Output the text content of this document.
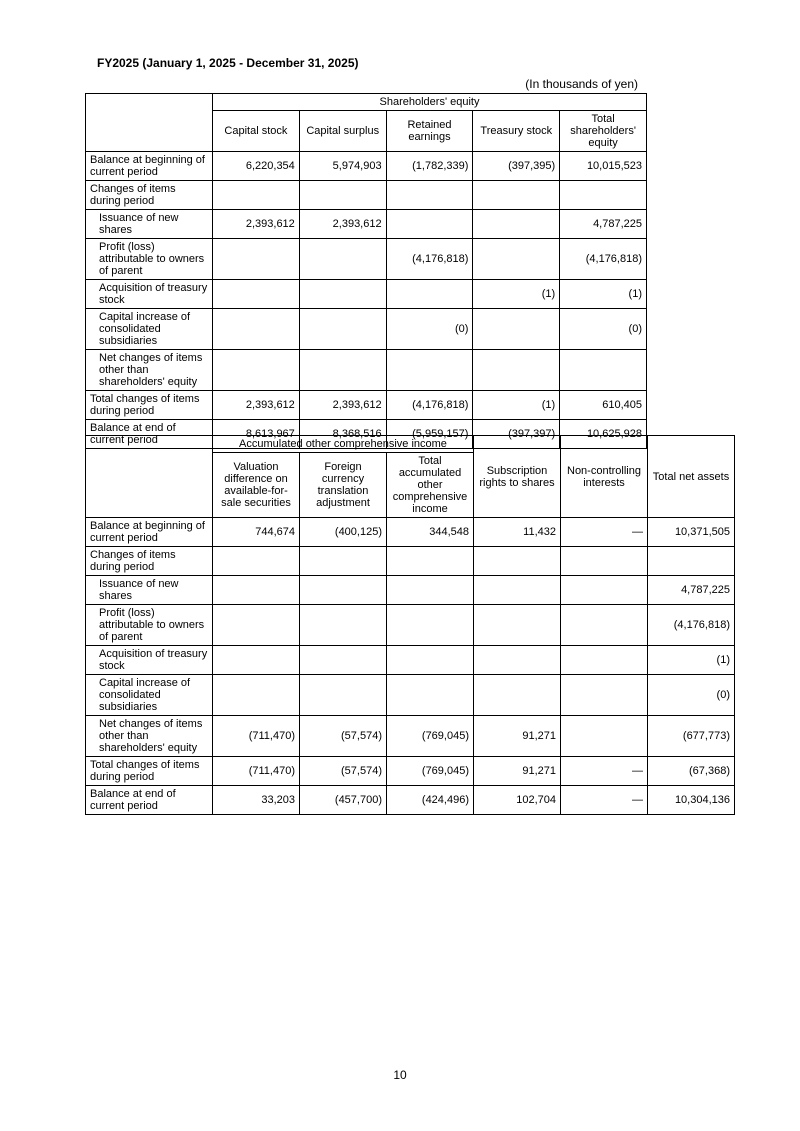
FY2025 (January 1, 2025 - December 31, 2025)
(In thousands of yen)
	Shareholders' equity				
	Capital stock	Capital surplus	Retained earnings	Treasury stock	Total shareholders' equity
Balance at beginning of current period	6,220,354	5,974,903	(1,782,339)	(397,395)	10,015,523
Changes of items during period					
Issuance of new shares	2,393,612	2,393,612			4,787,225
Profit (loss) attributable to owners of parent			(4,176,818)		(4,176,818)
Acquisition of treasury stock				(1)	(1)
Capital increase of consolidated subsidiaries			(0)		(0)
Net changes of items other than shareholders' equity					
Total changes of items during period	2,393,612	2,393,612	(4,176,818)	(1)	610,405
Balance at end of current period	8,613,967	8,368,516	(5,959,157)	(397,397)	10,625,928
	Accumulated other comprehensive income			Subscription rights to shares	Non-controlling interests	Total net assets
	Valuation difference on available-for-sale securities	Foreign currency translation adjustment	Total accumulated other comprehensive income			
Balance at beginning of current period	744,674	(400,125)	344,548	11,432	—	10,371,505
Changes of items during period						
Issuance of new shares						4,787,225
Profit (loss) attributable to owners of parent						(4,176,818)
Acquisition of treasury stock						(1)
Capital increase of consolidated subsidiaries						(0)
Net changes of items other than shareholders' equity	(711,470)	(57,574)	(769,045)	91,271		(677,773)
Total changes of items during period	(711,470)	(57,574)	(769,045)	91,271	—	(67,368)
Balance at end of current period	33,203	(457,700)	(424,496)	102,704	—	10,304,136
10
